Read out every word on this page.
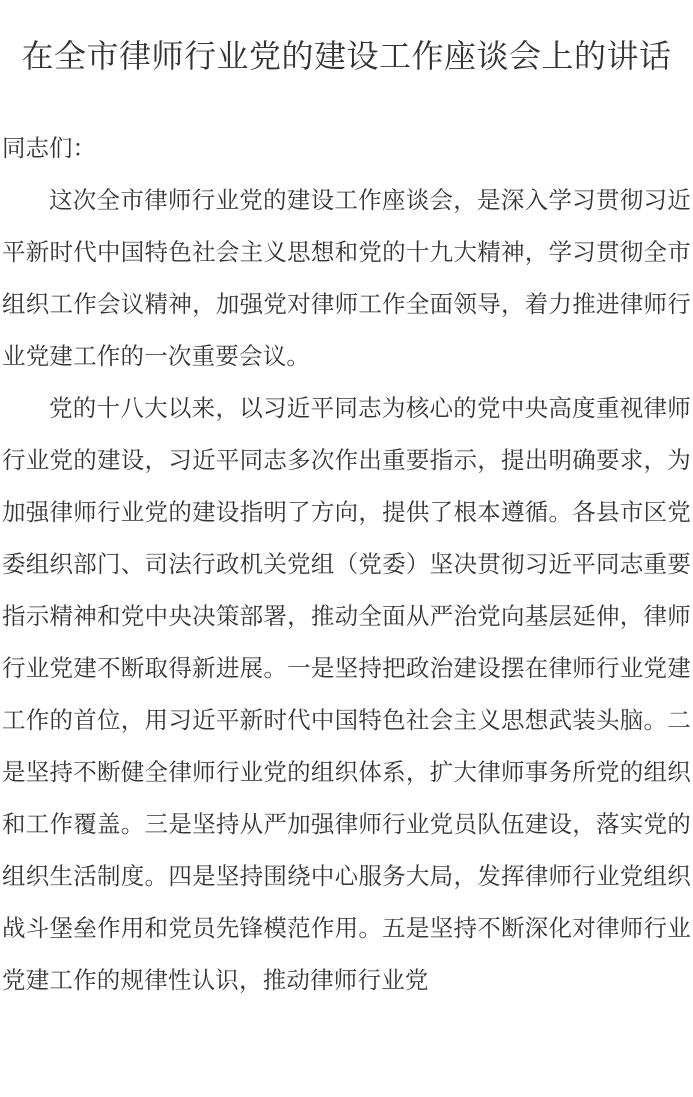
在全市律师行业党的建设工作座谈会上的讲话

同志们：

这次全市律师行业党的建设工作座谈会，是深入学习贯彻习近平新时代中国特色社会主义思想和党的十九大精神，学习贯彻全市组织工作会议精神，加强党对律师工作全面领导，着力推进律师行业党建工作的一次重要会议。

党的十八大以来，以习近平同志为核心的党中央高度重视律师行业党的建设，习近平同志多次作出重要指示，提出明确要求，为加强律师行业党的建设指明了方向，提供了根本遵循。各县市区党委组织部门、司法行政机关党组（党委）坚决贯彻习近平同志重要指示精神和党中央决策部署，推动全面从严治党向基层延伸，律师行业党建不断取得新进展。一是坚持把政治建设摆在律师行业党建工作的首位，用习近平新时代中国特色社会主义思想武装头脑。二是坚持不断健全律师行业党的组织体系，扩大律师事务所党的组织和工作覆盖。三是坚持从严加强律师行业党员队伍建设，落实党的组织生活制度。四是坚持围绕中心服务大局，发挥律师行业党组织战斗堡垒作用和党员先锋模范作用。五是坚持不断深化对律师行业党建工作的规律性认识，推动律师行业党
